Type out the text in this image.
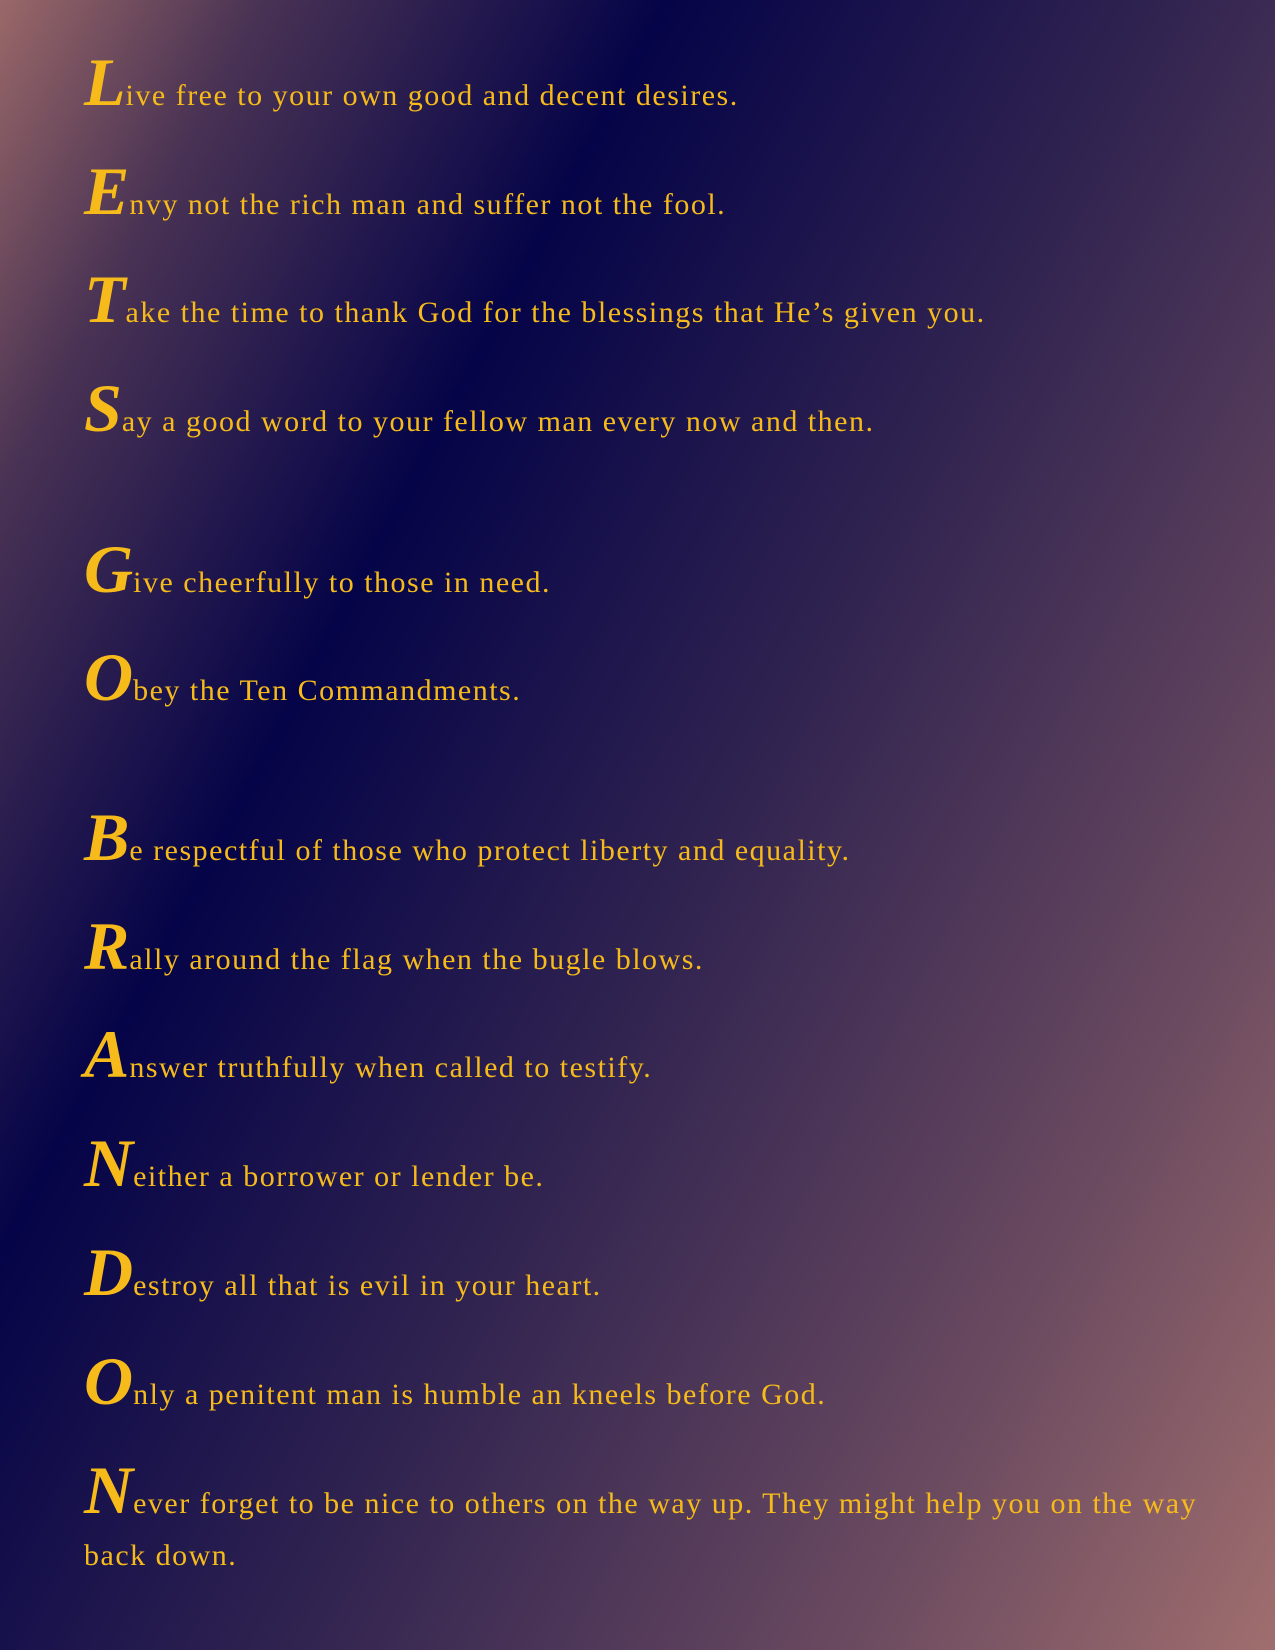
Live free to your own good and decent desires.

Envy not the rich man and suffer not the fool.

Take the time to thank God for the blessings that He’s given you.

Say a good word to your fellow man every now and then.

Give cheerfully to those in need.

Obey the Ten Commandments.

Be respectful of those who protect liberty and equality.

Rally around the flag when the bugle blows.

Answer truthfully when called to testify.

Neither a borrower or lender be.

Destroy all that is evil in your heart.

Only a penitent man is humble an kneels before God.

Never forget to be nice to others on the way up. They might help you on the way back down.
